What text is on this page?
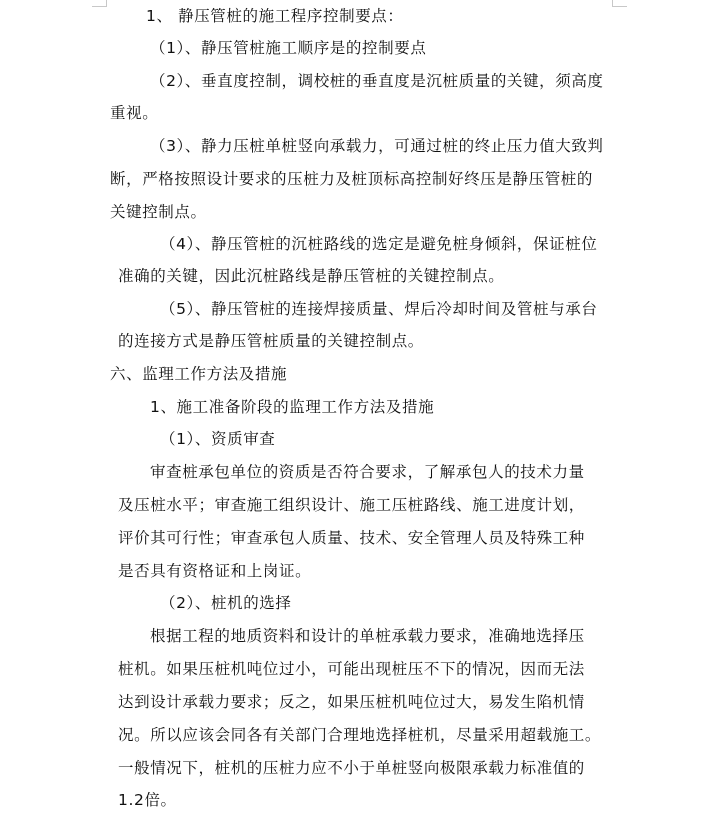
1、 静压管桩的施工程序控制要点：
（1）、静压管桩施工顺序是的控制要点
（2）、垂直度控制，调校桩的垂直度是沉桩质量的关键，须高度
重视。
（3）、静力压桩单桩竖向承载力，可通过桩的终止压力值大致判
断，严格按照设计要求的压桩力及桩顶标高控制好终压是静压管桩的
关键控制点。
（4）、静压管桩的沉桩路线的选定是避免桩身倾斜，保证桩位
准确的关键，因此沉桩路线是静压管桩的关键控制点。
（5）、静压管桩的连接焊接质量、焊后冷却时间及管桩与承台
的连接方式是静压管桩质量的关键控制点。
六、监理工作方法及措施
1、施工准备阶段的监理工作方法及措施
（1）、资质审查
审查桩承包单位的资质是否符合要求，了解承包人的技术力量
及压桩水平；审查施工组织设计、施工压桩路线、施工进度计划，
评价其可行性；审查承包人质量、技术、安全管理人员及特殊工种
是否具有资格证和上岗证。
（2）、桩机的选择
根据工程的地质资料和设计的单桩承载力要求，准确地选择压
桩机。如果压桩机吨位过小，可能出现桩压不下的情况，因而无法
达到设计承载力要求；反之，如果压桩机吨位过大，易发生陷机情
况。所以应该会同各有关部门合理地选择桩机，尽量采用超载施工。
一般情况下，桩机的压桩力应不小于单桩竖向极限承载力标准值的
1.2倍。
